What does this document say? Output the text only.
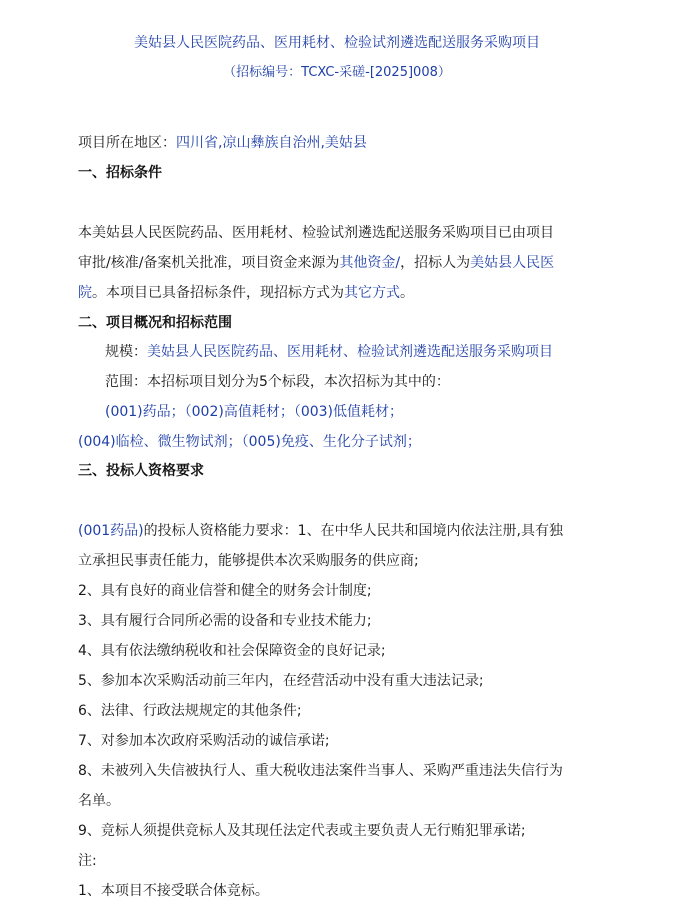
美姑县人民医院药品、医用耗材、检验试剂遴选配送服务采购项目
（招标编号：TCXC-采磋-[2025]008）
项目所在地区：四川省,凉山彝族自治州,美姑县
一、招标条件
本美姑县人民医院药品、医用耗材、检验试剂遴选配送服务采购项目已由项目
审批/核准/备案机关批准，项目资金来源为其他资金/，招标人为美姑县人民医
院。本项目已具备招标条件，现招标方式为其它方式。
二、项目概况和招标范围
规模：美姑县人民医院药品、医用耗材、检验试剂遴选配送服务采购项目
范围：本招标项目划分为5个标段，本次招标为其中的：
(001)药品；（002)高值耗材；（003)低值耗材；
(004)临检、微生物试剂；（005)免疫、生化分子试剂；
三、投标人资格要求
(001药品)的投标人资格能力要求：1、在中华人民共和国境内依法注册,具有独
立承担民事责任能力，能够提供本次采购服务的供应商;
2、具有良好的商业信誉和健全的财务会计制度;
3、具有履行合同所必需的设备和专业技术能力;
4、具有依法缴纳税收和社会保障资金的良好记录;
5、参加本次采购活动前三年内，在经营活动中没有重大违法记录;
6、法律、行政法规规定的其他条件;
7、对参加本次政府采购活动的诚信承诺;
8、未被列入失信被执行人、重大税收违法案件当事人、采购严重违法失信行为
名单。
9、竞标人须提供竞标人及其现任法定代表或主要负责人无行贿犯罪承诺;
注:
1、本项目不接受联合体竞标。
